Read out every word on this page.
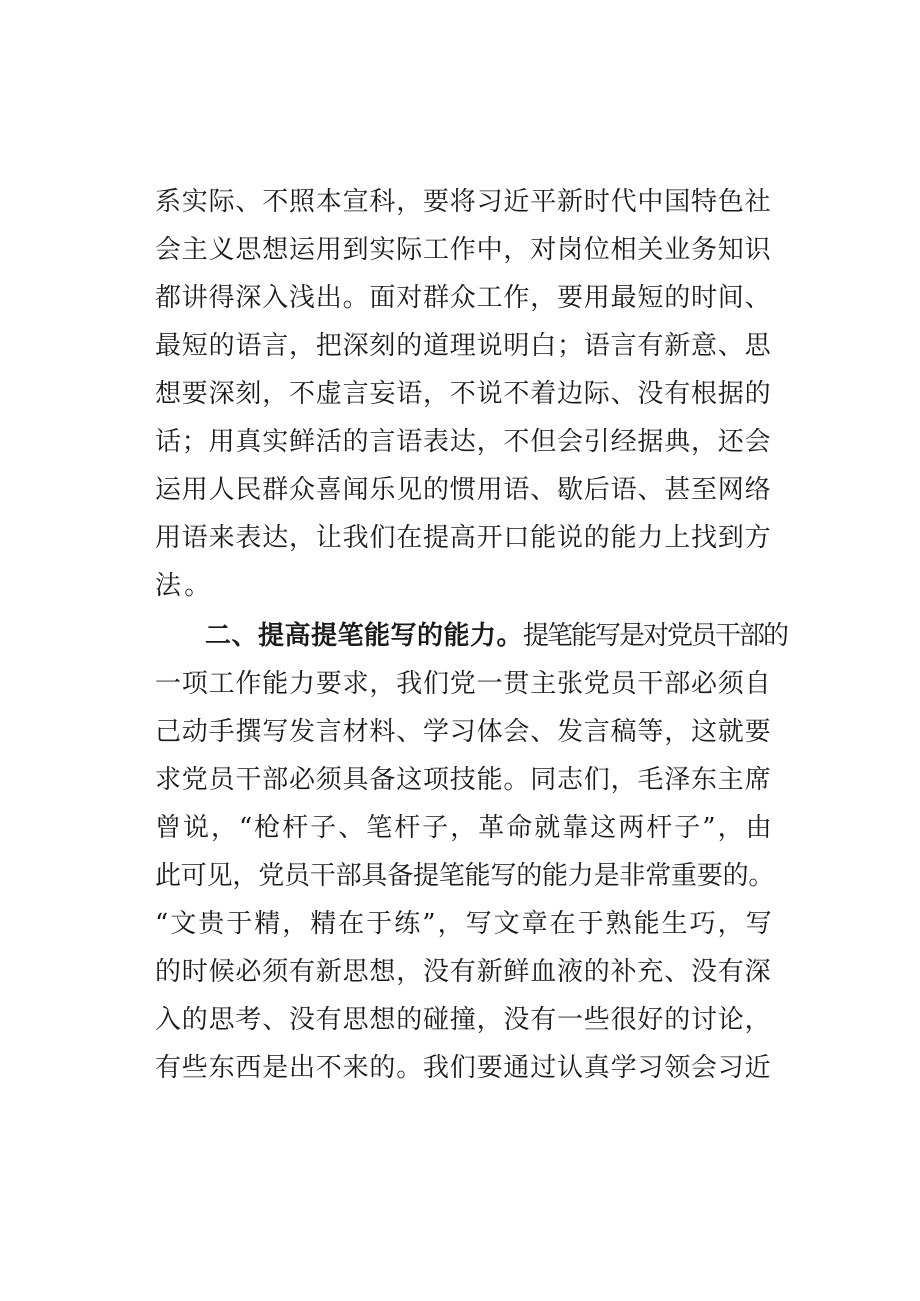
系实际、不照本宣科，要将习近平新时代中国特色社
会主义思想运用到实际工作中，对岗位相关业务知识
都讲得深入浅出。面对群众工作，要用最短的时间、
最短的语言，把深刻的道理说明白；语言有新意、思
想要深刻，不虚言妄语，不说不着边际、没有根据的
话；用真实鲜活的言语表达，不但会引经据典，还会
运用人民群众喜闻乐见的惯用语、歇后语、甚至网络
用语来表达，让我们在提高开口能说的能力上找到方
法。
二、提高提笔能写的能力。提笔能写是对党员干部的
一项工作能力要求，我们党一贯主张党员干部必须自
己动手撰写发言材料、学习体会、发言稿等，这就要
求党员干部必须具备这项技能。同志们，毛泽东主席
曾说，“枪杆子、笔杆子，革命就靠这两杆子”，由
此可见，党员干部具备提笔能写的能力是非常重要的。
“文贵于精，精在于练”，写文章在于熟能生巧，写
的时候必须有新思想，没有新鲜血液的补充、没有深
入的思考、没有思想的碰撞，没有一些很好的讨论，
有些东西是出不来的。我们要通过认真学习领会习近
